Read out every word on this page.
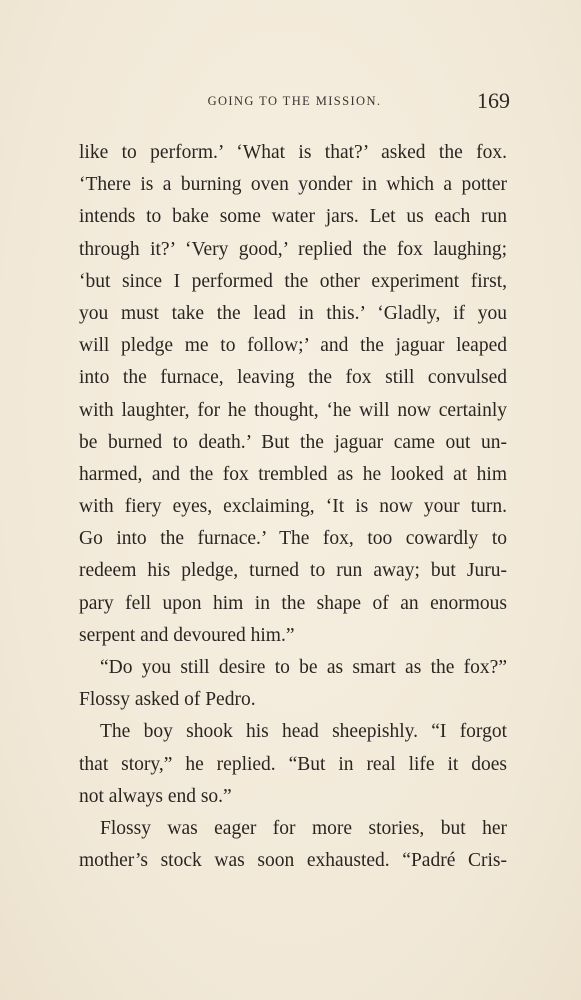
GOING TO THE MISSION.	169
like to perform.’ ‘What is that?’ asked the fox.
‘There is a burning oven yonder in which a potter
intends to bake some water jars. Let us each run
through it?’ ‘Very good,’ replied the fox laughing;
‘but since I performed the other experiment first,
you must take the lead in this.’ ‘Gladly, if you
will pledge me to follow;’ and the jaguar leaped
into the furnace, leaving the fox still convulsed
with laughter, for he thought, ‘he will now certainly
be burned to death.’ But the jaguar came out un-
harmed, and the fox trembled as he looked at him
with fiery eyes, exclaiming, ‘It is now your turn.
Go into the furnace.’ The fox, too cowardly to
redeem his pledge, turned to run away; but Juru-
pary fell upon him in the shape of an enormous
serpent and devoured him.”
“Do you still desire to be as smart as the fox?”
Flossy asked of Pedro.
The boy shook his head sheepishly. “I forgot
that story,” he replied. “But in real life it does
not always end so.”
Flossy was eager for more stories, but her
mother’s stock was soon exhausted. “Padré Cris-
